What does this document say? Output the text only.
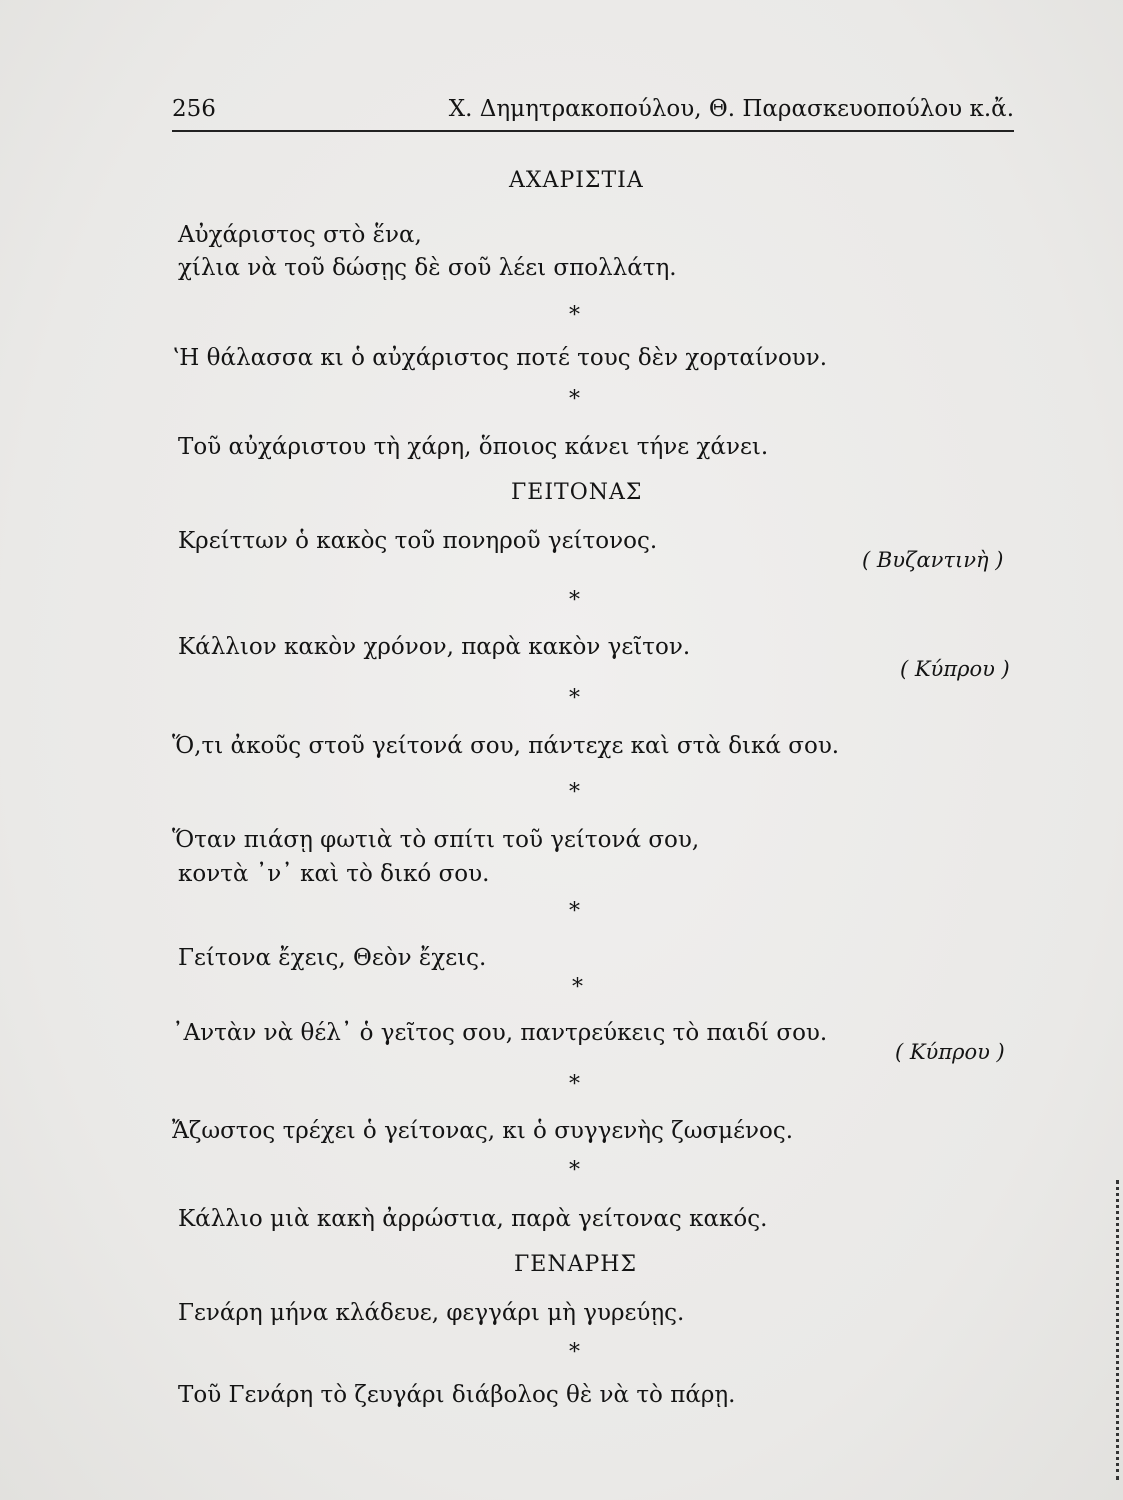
256	Χ. Δημητρακοπούλου, Θ. Παρασκευοπούλου κ.ἄ.
ΑΧΑΡΙΣΤΙΑ
Αὐχάριστος στὸ ἕνα,
χίλια νὰ τοῦ δώσῃς δὲ σοῦ λέει σπολλάτη.
*
ʽΗ θάλασσα κι ὁ αὐχάριστος ποτέ τους δὲν χορταίνουν.
*
Τοῦ αὐχάριστου τὴ χάρη, ὅποιος κάνει τήνε χάνει.
ΓΕΙΤΟΝΑΣ
Κρείττων ὁ κακὸς τοῦ πονηροῦ γείτονος.
( Βυζαντινὴ )
*
Κάλλιον κακὸν χρόνον, παρὰ κακὸν γεῖτον.
( Κύπρου )
*
Ὅ,τι ἀκοῦς στοῦ γείτονά σου, πάντεχε καὶ στὰ δικά σου.
*
Ὅταν πιάσῃ φωτιὰ τὸ σπίτι τοῦ γείτονά σου,
κοντὰ ᾽ν᾽ καὶ τὸ δικό σου.
*
Γείτονα ἔχεις, Θεὸν ἔχεις.
*
᾽Αντὰν νὰ θέλ᾽ ὁ γεῖτος σου, παντρεύκεις τὸ παιδί σου.
( Κύπρου )
*
Ἄζωστος τρέχει ὁ γείτονας, κι ὁ συγγενὴς ζωσμένος.
*
Κάλλιο μιὰ κακὴ ἀρρώστια, παρὰ γείτονας κακός.
ΓΕΝΑΡΗΣ
Γενάρη μήνα κλάδευε, φεγγάρι μὴ γυρεύῃς.
*
Τοῦ Γενάρη τὸ ζευγάρι διάβολος θὲ νὰ τὸ πάρῃ.
